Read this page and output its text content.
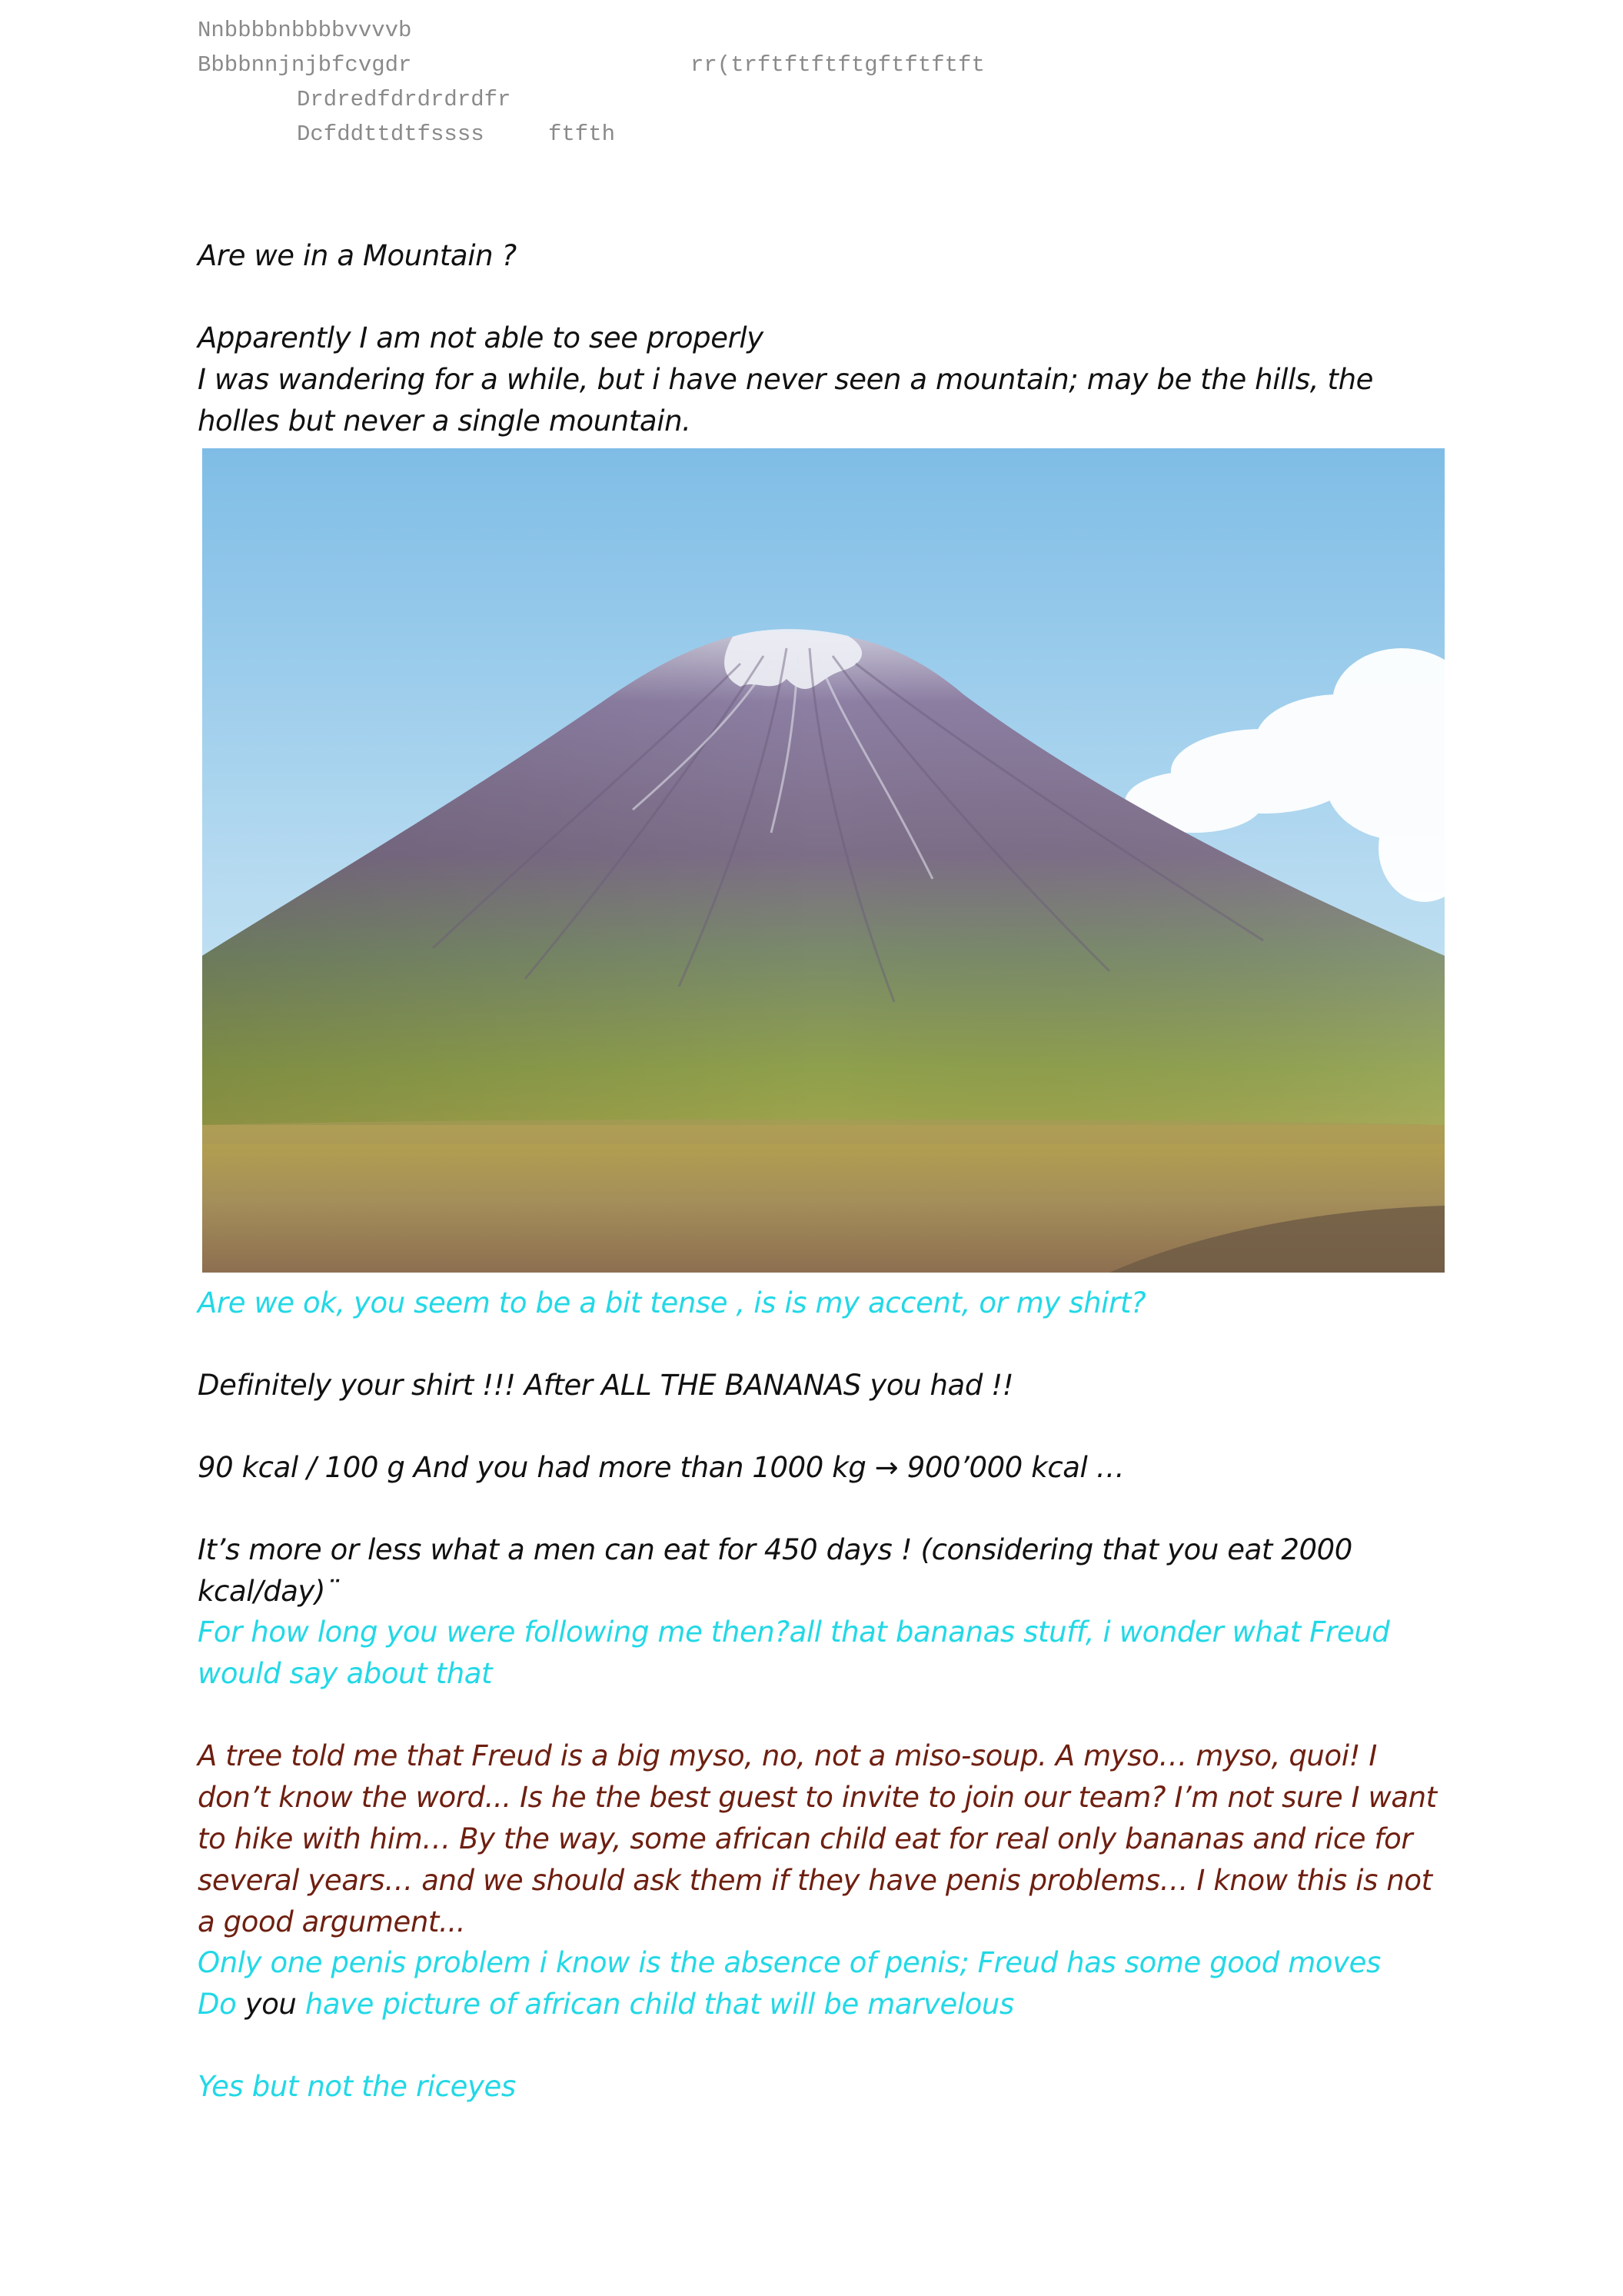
Nnbbbbnbbbbvvvvb

Bbbbnnjnjbfcvgdr	rr(trftftftftgftftftft

Drdredfdrdrdrdfr

Dcfddttdtfssss	ftfth

Are we in a Mountain ?

Apparently I am not able to see properly

I was wandering for a while, but i have never seen a mountain; may be the hills, the holles but never a single mountain.

Are we ok, you seem to be a bit tense , is is my accent, or my shirt?

Definitely your shirt !!! After ALL THE BANANAS you had !!

90 kcal / 100 g And you had more than 1000 kg → 900’000 kcal …

It’s more or less what a men can eat for 450 days ! (considering that you eat 2000 kcal/day)¨

For how long you were following me then?all that bananas stuff, i wonder what Freud would say about that

A tree told me that Freud is a big myso, no, not a miso-soup. A myso… myso, quoi! I don’t know the word... Is he the best guest to invite to join our team? I’m not sure I want to hike with him… By the way, some african child eat for real only bananas and rice for several years… and we should ask them if they have penis problems… I know this is not a good argument...

Only one penis problem i know is the absence of penis; Freud has some good moves

Do you have picture of african child that will be marvelous

Yes but not the riceyes
